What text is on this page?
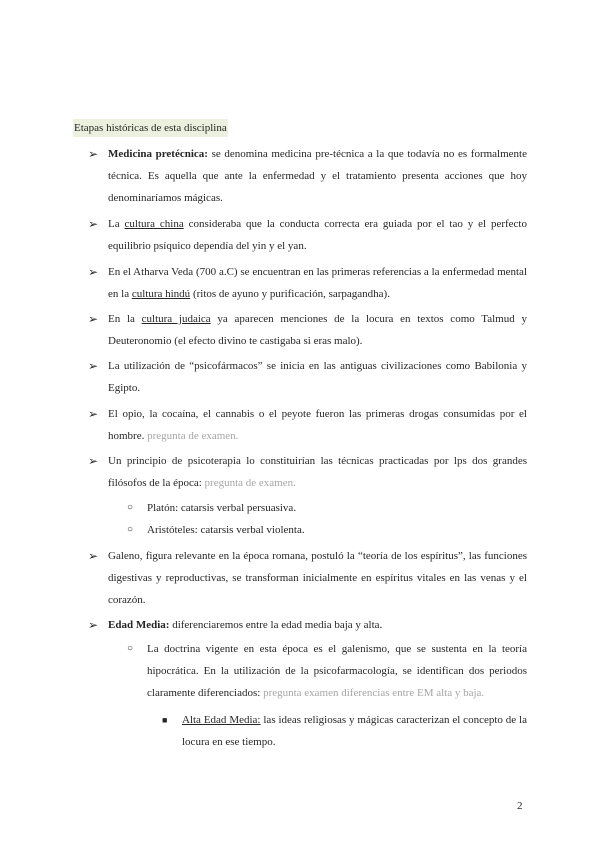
Etapas históricas de esta disciplina
➢ Medicina pretécnica: se denomina medicina pre-técnica a la que todavía no es formalmente técnica. Es aquella que ante la enfermedad y el tratamiento presenta acciones que hoy denominaríamos mágicas.
➢ La cultura china consideraba que la conducta correcta era guiada por el tao y el perfecto equilibrio psíquico dependía del yin y el yan.
➢ En el Atharva Veda (700 a.C) se encuentran en las primeras referencias a la enfermedad mental en la cultura hindú (ritos de ayuno y purificación, sarpagandha).
➢ En la cultura judaica ya aparecen menciones de la locura en textos como Talmud y Deuteronomio (el efecto divino te castigaba si eras malo).
➢ La utilización de “psicofármacos” se inicia en las antiguas civilizaciones como Babilonia y Egipto.
➢ El opio, la cocaína, el cannabis o el peyote fueron las primeras drogas consumidas por el hombre. pregunta de examen.
➢ Un principio de psicoterapia lo constituirían las técnicas practicadas por lps dos grandes filósofos de la época: pregunta de examen.
○ Platón: catarsis verbal persuasiva.
○ Aristóteles: catarsis verbal violenta.
➢ Galeno, figura relevante en la época romana, postuló la “teoría de los espíritus”, las funciones digestivas y reproductivas, se transforman inicialmente en espíritus vitales en las venas y el corazón.
➢ Edad Media: diferenciaremos entre la edad media baja y alta.
○ La doctrina vigente en esta época es el galenismo, que se sustenta en la teoría hipocrática. En la utilización de la psicofarmacología, se identifican dos periodos claramente diferenciados: pregunta examen diferencias entre EM alta y baja.
■ Alta Edad Media: las ideas religiosas y mágicas caracterizan el concepto de la locura en ese tiempo.
2
